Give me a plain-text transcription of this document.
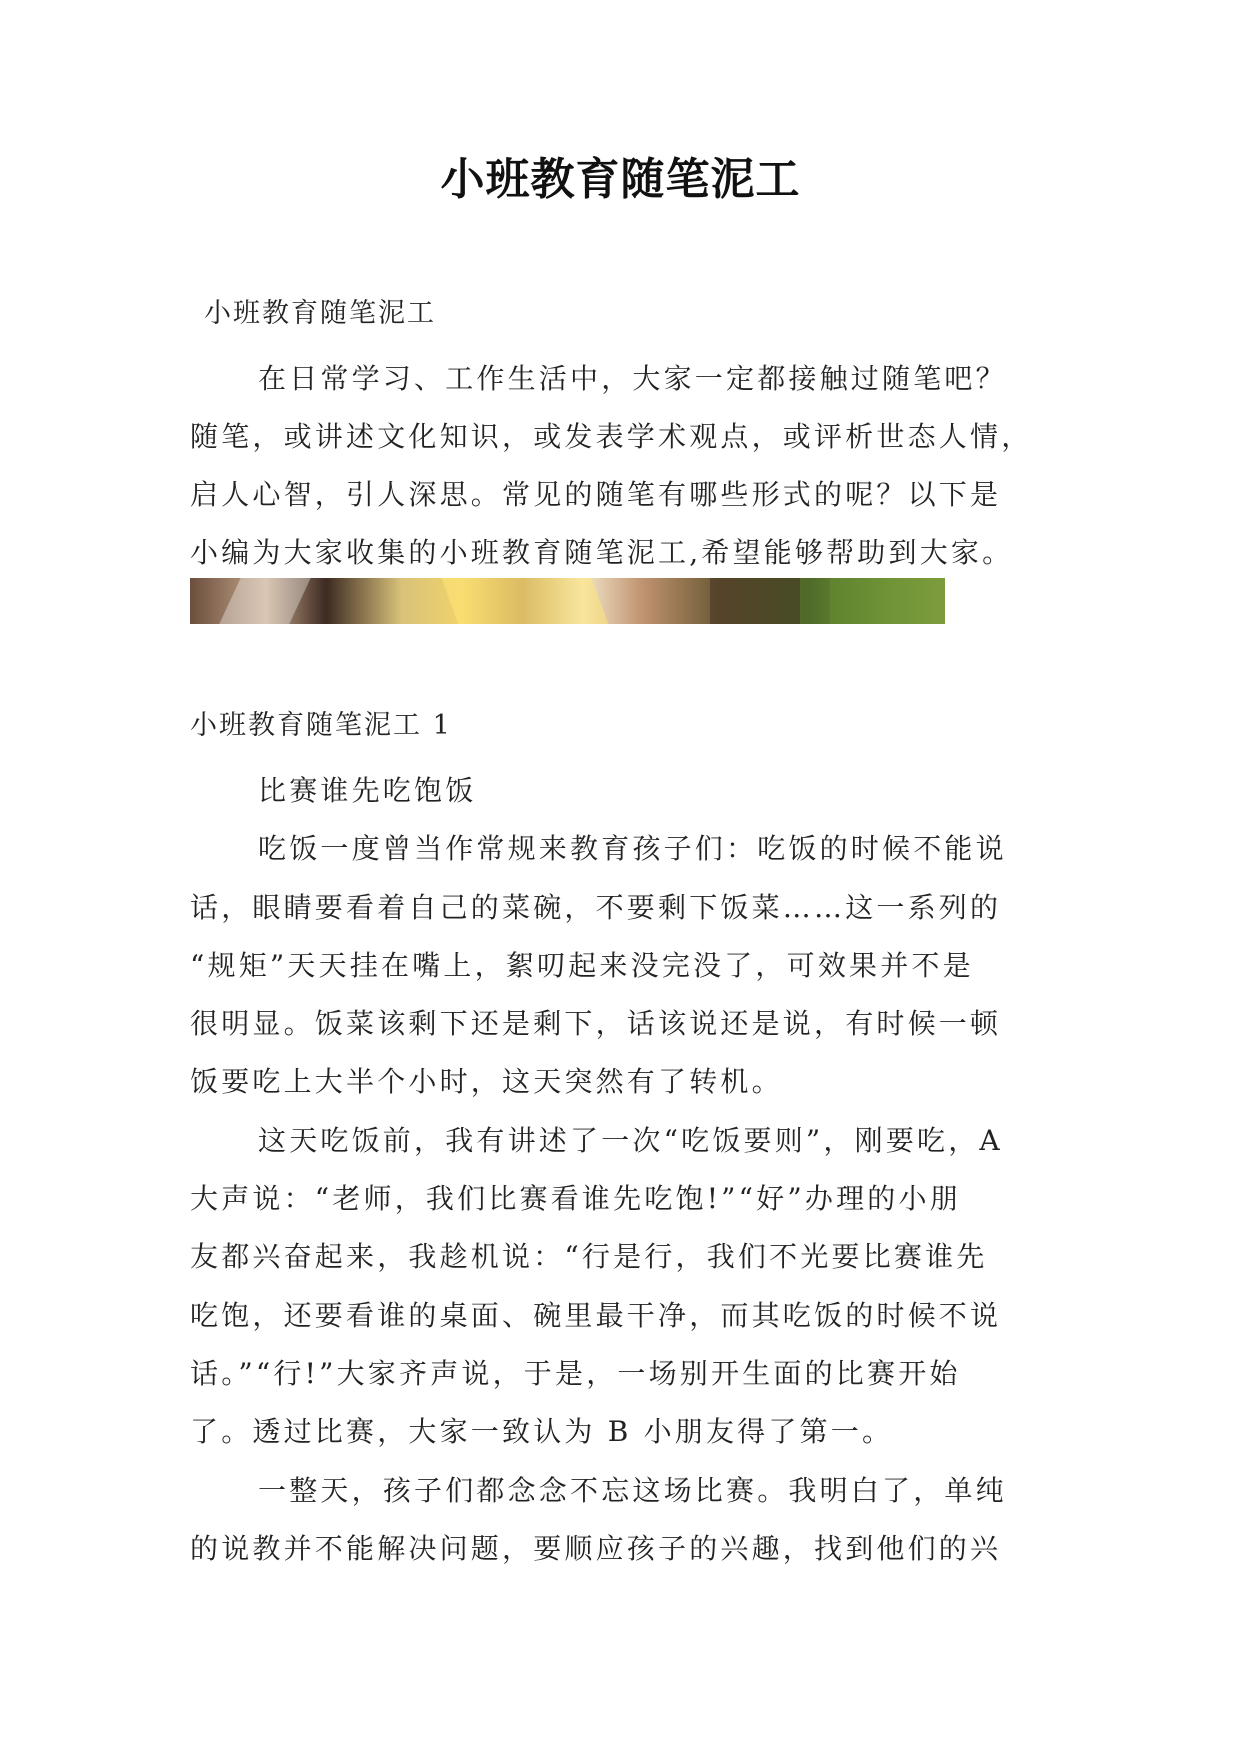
小班教育随笔泥工
小班教育随笔泥工
在日常学习、工作生活中，大家一定都接触过随笔吧？
随笔，或讲述文化知识，或发表学术观点，或评析世态人情，
启人心智，引人深思。常见的随笔有哪些形式的呢？以下是
小编为大家收集的小班教育随笔泥工,希望能够帮助到大家。
小班教育随笔泥工 1
比赛谁先吃饱饭
吃饭一度曾当作常规来教育孩子们：吃饭的时候不能说
话，眼睛要看着自己的菜碗，不要剩下饭菜……这一系列的
“规矩”天天挂在嘴上，絮叨起来没完没了，可效果并不是
很明显。饭菜该剩下还是剩下，话该说还是说，有时候一顿
饭要吃上大半个小时，这天突然有了转机。
这天吃饭前，我有讲述了一次“吃饭要则”，刚要吃，A
大声说：“老师，我们比赛看谁先吃饱!”“好”办理的小朋
友都兴奋起来，我趁机说：“行是行，我们不光要比赛谁先
吃饱，还要看谁的桌面、碗里最干净，而其吃饭的时候不说
话。”“行!”大家齐声说，于是，一场别开生面的比赛开始
了。透过比赛，大家一致认为 B 小朋友得了第一。
一整天，孩子们都念念不忘这场比赛。我明白了，单纯
的说教并不能解决问题，要顺应孩子的兴趣，找到他们的兴
